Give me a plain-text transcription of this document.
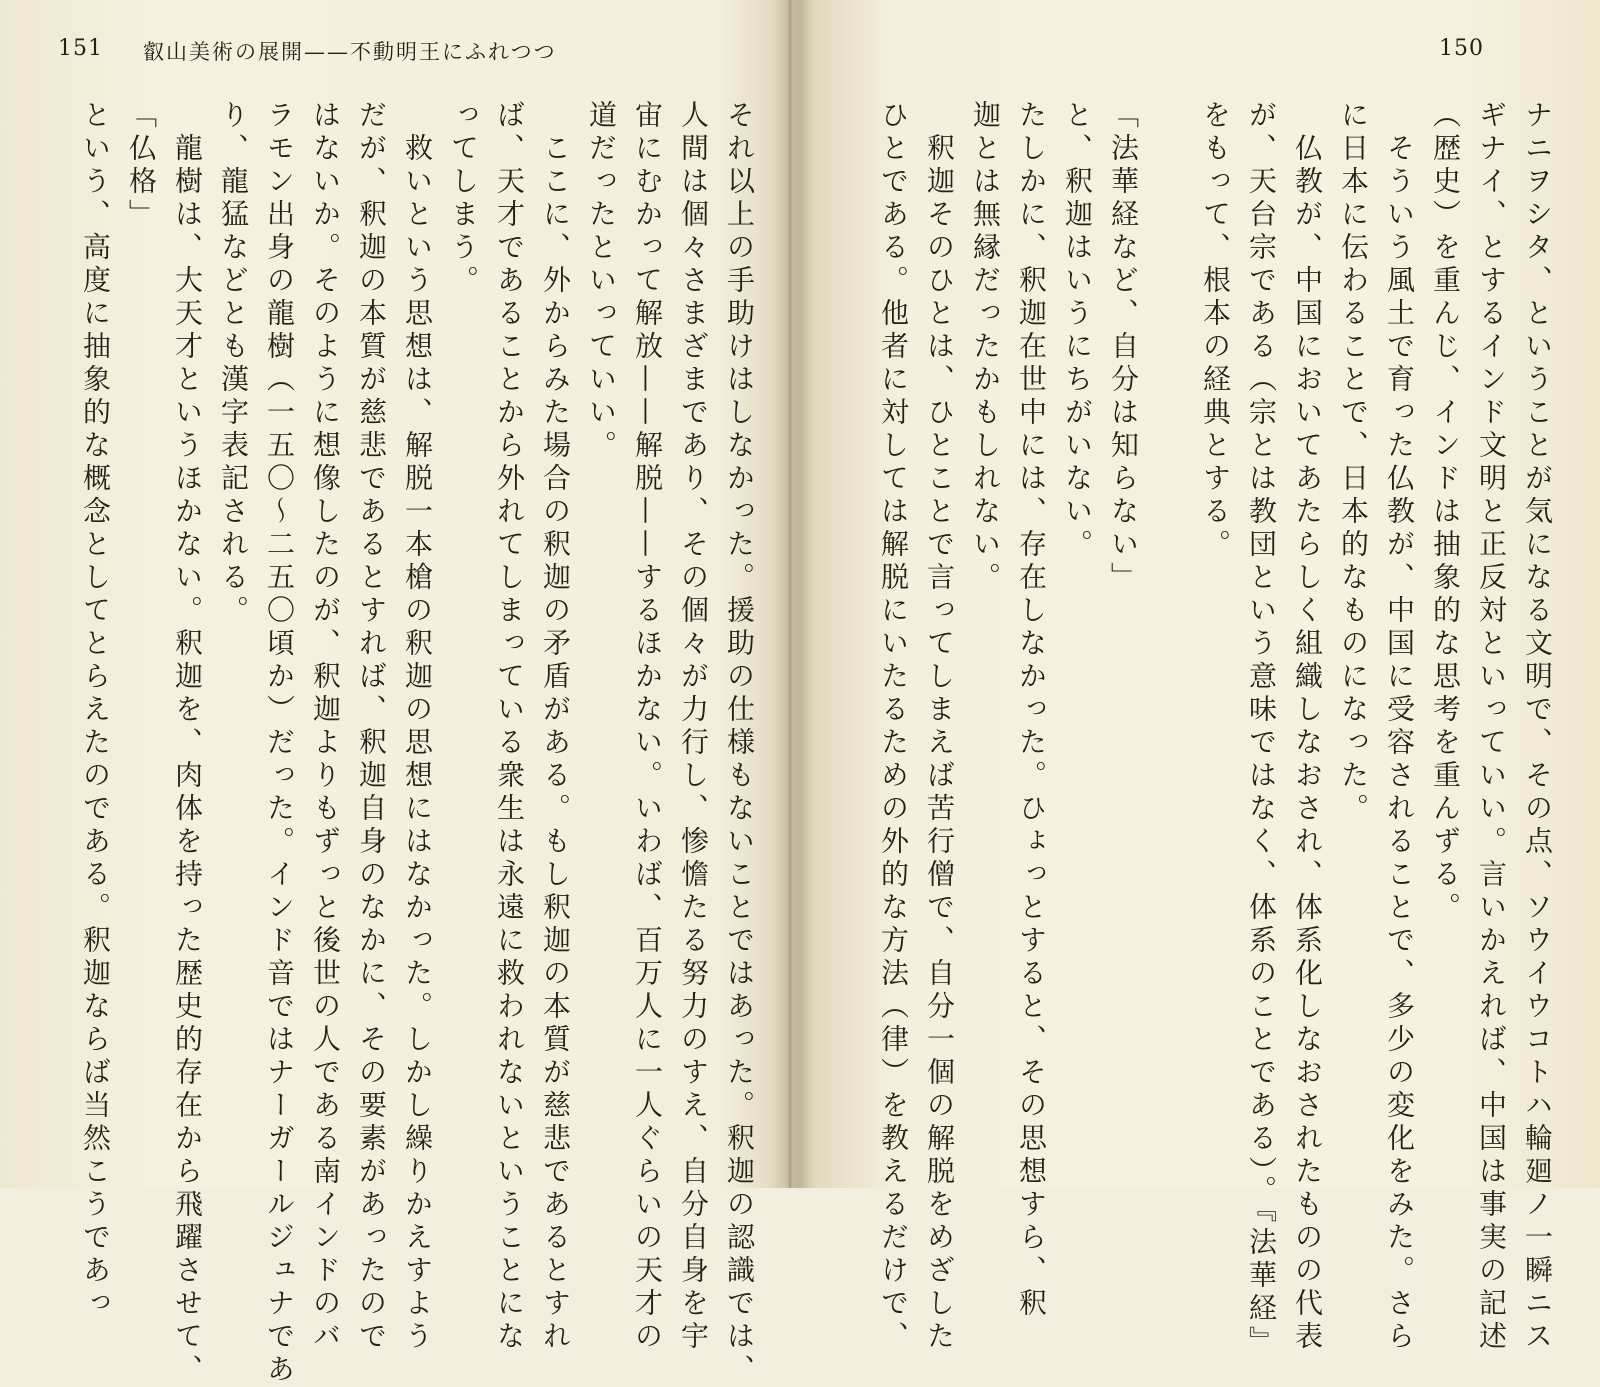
151 叡山美術の展開——不動明王にふれつつ
それ以上の手助けはしなかった。援助の仕様もないことではあった。釈迦の認識では、
人間は個々さまざまであり、その個々が力行し、惨憺たる努力のすえ、自分自身を宇
宙にむかって解放——解脱——するほかない。いわば、百万人に一人ぐらいの天才の
道だったといっていい。
　ここに、外からみた場合の釈迦の矛盾がある。もし釈迦の本質が慈悲であるとすれ
ば、天才であることから外れてしまっている衆生は永遠に救われないということにな
ってしまう。
　救いという思想は、解脱一本槍の釈迦の思想にはなかった。しかし繰りかえすよう
だが、釈迦の本質が慈悲であるとすれば、釈迦自身のなかに、その要素があったので
はないか。そのように想像したのが、釈迦よりもずっと後世の人である南インドのバ
ラモン出身の龍樹（一五〇〜二五〇頃か）だった。インド音ではナーガールジュナであ
り、龍猛などとも漢字表記される。
　龍樹は、大天才というほかない。釈迦を、肉体を持った歴史的存在から飛躍させて、
「仏格」
という、高度に抽象的な概念としてとらえたのである。釈迦ならば当然こうであっ
150
ナニヲシタ、ということが気になる文明で、その点、ソウイウコトハ輪廻ノ一瞬ニス
ギナイ、とするインド文明と正反対といっていい。言いかえれば、中国は事実の記述
（歴史）を重んじ、インドは抽象的な思考を重んずる。
　そういう風土で育った仏教が、中国に受容されることで、多少の変化をみた。さら
に日本に伝わることで、日本的なものになった。
　仏教が、中国においてあたらしく組織しなおされ、体系化しなおされたものの代表
が、天台宗である（宗とは教団という意味ではなく、体系のことである）。『法華経』
をもって、根本の経典とする。

「法華経など、自分は知らない」
と、釈迦はいうにちがいない。
たしかに、釈迦在世中には、存在しなかった。ひょっとすると、その思想すら、釈
迦とは無縁だったかもしれない。
　釈迦そのひとは、ひとことで言ってしまえば苦行僧で、自分一個の解脱をめざした
ひとである。他者に対しては解脱にいたるための外的な方法（律）を教えるだけで、
